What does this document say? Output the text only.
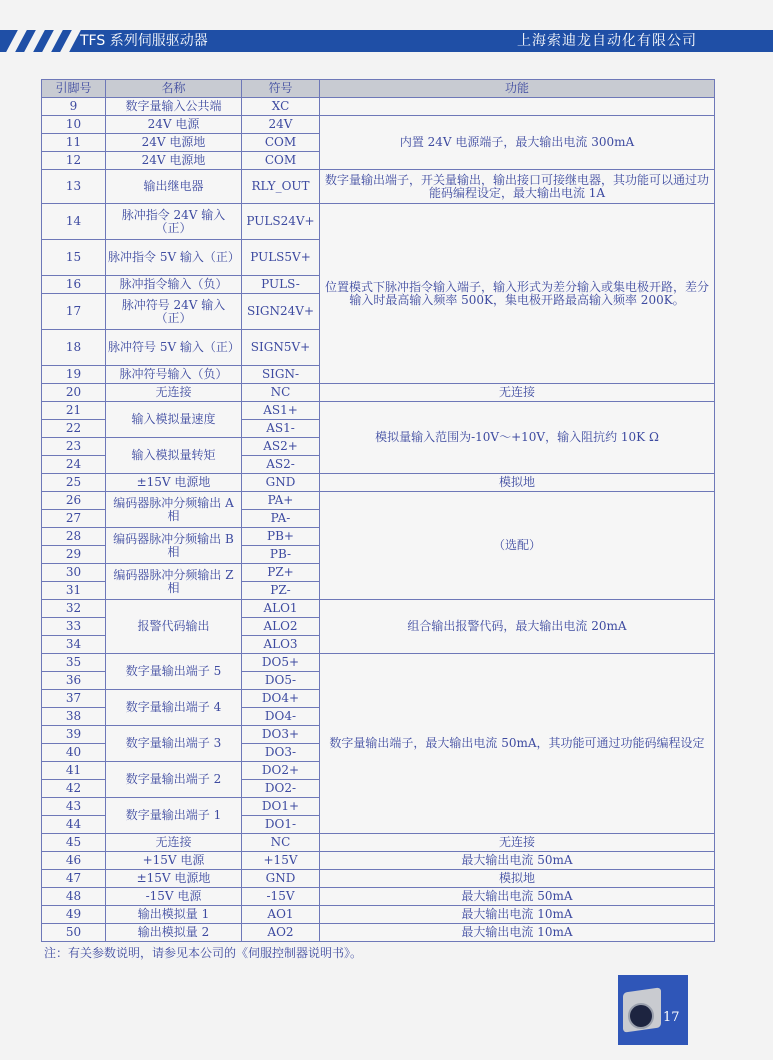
TFS 系列伺服驱动器	上海索迪龙自动化有限公司
引脚号	名称	符号	功能
9	数字量输入公共端	XC	
10	24V 电源	24V	内置 24V 电源端子，最大输出电流 300mA
11	24V 电源地	COM	
12	24V 电源地	COM	
13	输出继电器	RLY_OUT	数字量输出端子，开关量输出，输出接口可接继电器，其功能可以通过功能码编程设定，最大输出电流 1A
14	脉冲指令 24V 输入（正）	PULS24V+	位置模式下脉冲指令输入端子，输入形式为差分输入或集电极开路，差分输入时最高输入频率 500K，集电极开路最高输入频率 200K。
15	脉冲指令 5V 输入（正）	PULS5V+	
16	脉冲指令输入（负）	PULS-	
17	脉冲符号 24V 输入（正）	SIGN24V+	
18	脉冲符号 5V 输入（正）	SIGN5V+	
19	脉冲符号输入（负）	SIGN-	
20	无连接	NC	无连接
21	输入模拟量速度	AS1+	模拟量输入范围为-10V～+10V，输入阻抗约 10K Ω
22		AS1-	
23	输入模拟量转矩	AS2+	
24		AS2-	
25	±15V 电源地	GND	模拟地
26	编码器脉冲分频输出 A 相	PA+	（选配）
27		PA-	
28	编码器脉冲分频输出 B 相	PB+	
29		PB-	
30	编码器脉冲分频输出 Z 相	PZ+	
31		PZ-	
32	报警代码输出	ALO1	组合输出报警代码，最大输出电流 20mA
33		ALO2	
34		ALO3	
35	数字量输出端子 5	DO5+	数字量输出端子，最大输出电流 50mA，其功能可通过功能码编程设定
36		DO5-	
37	数字量输出端子 4	DO4+	
38		DO4-	
39	数字量输出端子 3	DO3+	
40		DO3-	
41	数字量输出端子 2	DO2+	
42		DO2-	
43	数字量输出端子 1	DO1+	
44		DO1-	
45	无连接	NC	无连接
46	+15V 电源	+15V	最大输出电流 50mA
47	±15V 电源地	GND	模拟地
48	-15V 电源	-15V	最大输出电流 50mA
49	输出模拟量 1	AO1	最大输出电流 10mA
50	输出模拟量 2	AO2	最大输出电流 10mA
注：有关参数说明，请参见本公司的《伺服控制器说明书》。
17
